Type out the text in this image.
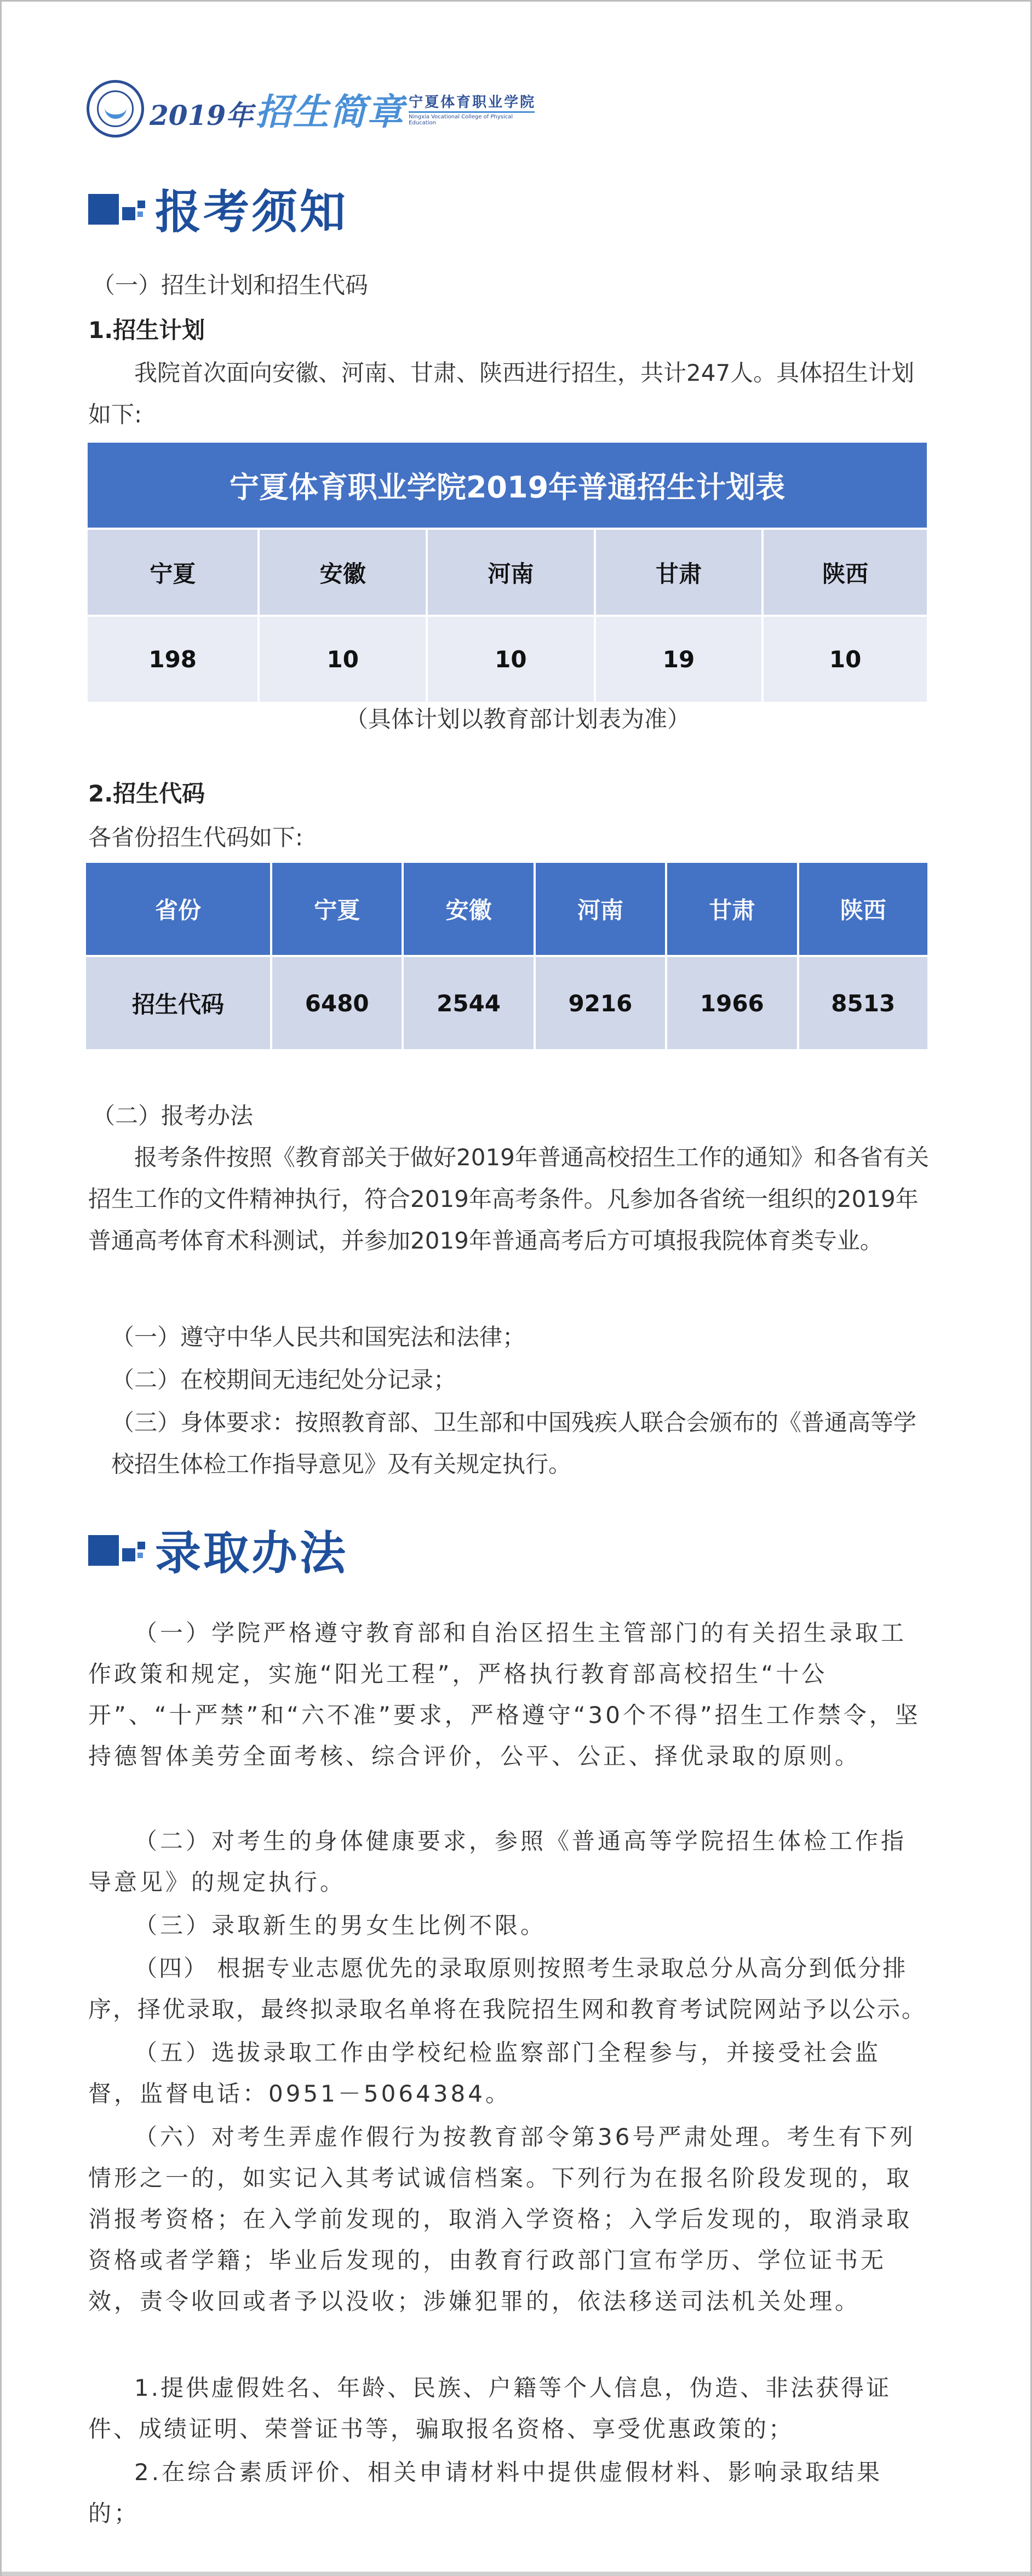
2019年 招生简章 宁夏体育职业学院
Ningxia Vocational College of Physical Education
报考须知
（一）招生计划和招生代码
1.招生计划
我院首次面向安徽、河南、甘肃、陕西进行招生，共计247人。具体招生计划如下:
宁夏体育职业学院2019年普通招生计划表				
宁夏	安徽	河南	甘肃	陕西
198	10	10	19	10
（具体计划以教育部计划表为准）
2.招生代码
各省份招生代码如下:
省份	宁夏	安徽	河南	甘肃	陕西
招生代码	6480	2544	9216	1966	8513
（二）报考办法
报考条件按照《教育部关于做好2019年普通高校招生工作的通知》和各省有关招生工作的文件精神执行，符合2019年高考条件。凡参加各省统一组织的2019年普通高考体育术科测试，并参加2019年普通高考后方可填报我院体育类专业。
（一）遵守中华人民共和国宪法和法律；
（二）在校期间无违纪处分记录；
（三）身体要求：按照教育部、卫生部和中国残疾人联合会颁布的《普通高等学校招生体检工作指导意见》及有关规定执行。
录取办法
（一）学院严格遵守教育部和自治区招生主管部门的有关招生录取工作政策和规定，实施“阳光工程”，严格执行教育部高校招生“十公开”、“十严禁”和“六不准”要求，严格遵守“30个不得”招生工作禁令，坚持德智体美劳全面考核、综合评价，公平、公正、择优录取的原则。
（二）对考生的身体健康要求，参照《普通高等学院招生体检工作指导意见》的规定执行。
（三）录取新生的男女生比例不限。
（四） 根据专业志愿优先的录取原则按照考生录取总分从高分到低分排序，择优录取，最终拟录取名单将在我院招生网和教育考试院网站予以公示。
（五）选拔录取工作由学校纪检监察部门全程参与，并接受社会监督，监督电话：0951－5064384。
（六）对考生弄虚作假行为按教育部令第36号严肃处理。考生有下列情形之一的，如实记入其考试诚信档案。下列行为在报名阶段发现的，取消报考资格；在入学前发现的，取消入学资格；入学后发现的，取消录取资格或者学籍；毕业后发现的，由教育行政部门宣布学历、学位证书无效，责令收回或者予以没收；涉嫌犯罪的，依法移送司法机关处理。
1.提供虚假姓名、年龄、民族、户籍等个人信息，伪造、非法获得证件、成绩证明、荣誉证书等，骗取报名资格、享受优惠政策的；
2.在综合素质评价、相关申请材料中提供虚假材料、影响录取结果的；
